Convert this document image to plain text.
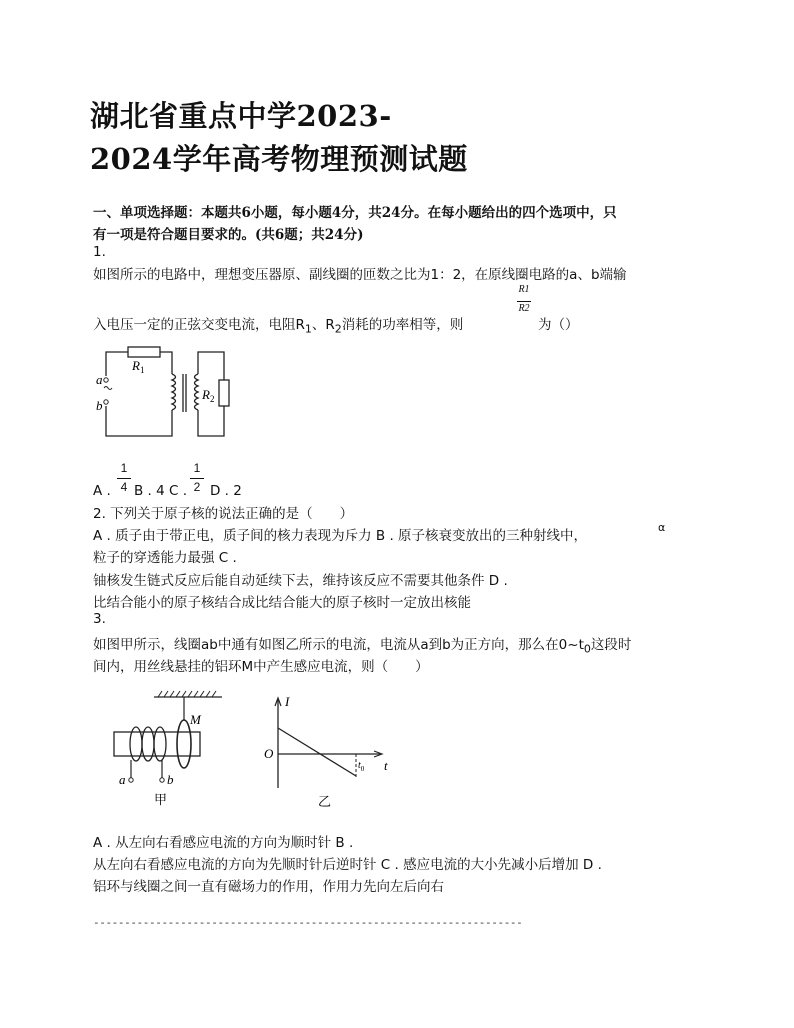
湖北省重点中学2023-
2024学年高考物理预测试题
一、单项选择题：本题共6小题，每小题4分，共24分。在每小题给出的四个选项中，只
有一项是符合题目要求的。(共6题；共24分)
1.
如图所示的电路中，理想变压器原、副线圈的匝数之比为1：2，在原线圈电路的a、b端输
入电压一定的正弦交变电流，电阻$R_1$、$R_2$消耗的功率相等，则
R1
R2
为（）
$R_1$
$R_2$
a
b
A .
1
4 B . 4 C .
1
2 D . 2
2. 下列关于原子核的说法正确的是（　　）
A . 质子由于带正电，质子间的核力表现为斥力 B . 原子核衰变放出的三种射线中，
α
粒子的穿透能力最强 C .
铀核发生链式反应后能自动延续下去，维持该反应不需要其他条件 D .
比结合能小的原子核结合成比结合能大的原子核时一定放出核能
3.
如图甲所示，线圈ab中通有如图乙所示的电流，电流从a到b为正方向，那么在$0\sim t_0$这段时
间内，用丝线悬挂的铝环M中产生感应电流，则（　　）
M
a	b
甲
I
O
t
$t_0$
乙
A . 从左向右看感应电流的方向为顺时针 B .
从左向右看感应电流的方向为先顺时针后逆时针 C . 感应电流的大小先减小后增加 D .
铝环与线圈之间一直有磁场力的作用，作用力先向左后向右
---------------------------------------------------------------------
